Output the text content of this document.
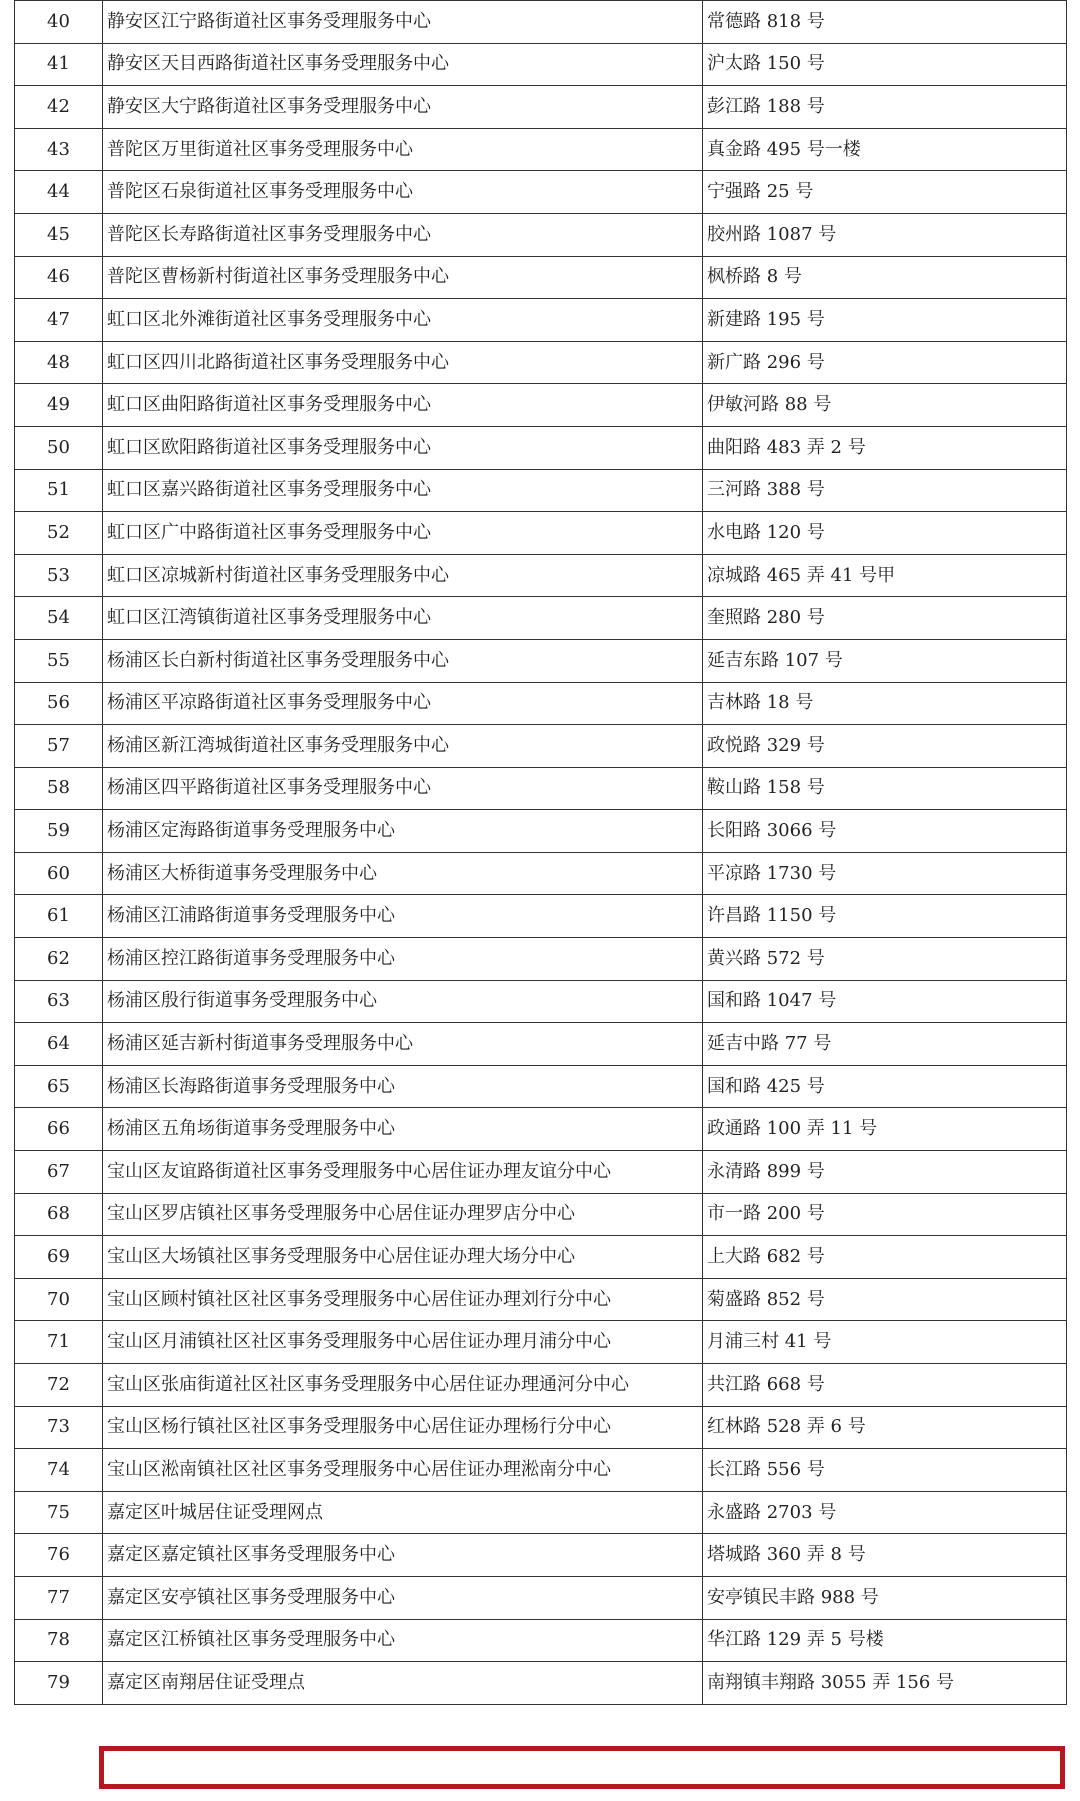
40	静安区江宁路街道社区事务受理服务中心	常德路 818 号
41	静安区天目西路街道社区事务受理服务中心	沪太路 150 号
42	静安区大宁路街道社区事务受理服务中心	彭江路 188 号
43	普陀区万里街道社区事务受理服务中心	真金路 495 号一楼
44	普陀区石泉街道社区事务受理服务中心	宁强路 25 号
45	普陀区长寿路街道社区事务受理服务中心	胶州路 1087 号
46	普陀区曹杨新村街道社区事务受理服务中心	枫桥路 8 号
47	虹口区北外滩街道社区事务受理服务中心	新建路 195 号
48	虹口区四川北路街道社区事务受理服务中心	新广路 296 号
49	虹口区曲阳路街道社区事务受理服务中心	伊敏河路 88 号
50	虹口区欧阳路街道社区事务受理服务中心	曲阳路 483 弄 2 号
51	虹口区嘉兴路街道社区事务受理服务中心	三河路 388 号
52	虹口区广中路街道社区事务受理服务中心	水电路 120 号
53	虹口区凉城新村街道社区事务受理服务中心	凉城路 465 弄 41 号甲
54	虹口区江湾镇街道社区事务受理服务中心	奎照路 280 号
55	杨浦区长白新村街道社区事务受理服务中心	延吉东路 107 号
56	杨浦区平凉路街道社区事务受理服务中心	吉林路 18 号
57	杨浦区新江湾城街道社区事务受理服务中心	政悦路 329 号
58	杨浦区四平路街道社区事务受理服务中心	鞍山路 158 号
59	杨浦区定海路街道事务受理服务中心	长阳路 3066 号
60	杨浦区大桥街道事务受理服务中心	平凉路 1730 号
61	杨浦区江浦路街道事务受理服务中心	许昌路 1150 号
62	杨浦区控江路街道事务受理服务中心	黄兴路 572 号
63	杨浦区殷行街道事务受理服务中心	国和路 1047 号
64	杨浦区延吉新村街道事务受理服务中心	延吉中路 77 号
65	杨浦区长海路街道事务受理服务中心	国和路 425 号
66	杨浦区五角场街道事务受理服务中心	政通路 100 弄 11 号
67	宝山区友谊路街道社区事务受理服务中心居住证办理友谊分中心	永清路 899 号
68	宝山区罗店镇社区事务受理服务中心居住证办理罗店分中心	市一路 200 号
69	宝山区大场镇社区事务受理服务中心居住证办理大场分中心	上大路 682 号
70	宝山区顾村镇社区社区事务受理服务中心居住证办理刘行分中心	菊盛路 852 号
71	宝山区月浦镇社区社区事务受理服务中心居住证办理月浦分中心	月浦三村 41 号
72	宝山区张庙街道社区社区事务受理服务中心居住证办理通河分中心	共江路 668 号
73	宝山区杨行镇社区社区事务受理服务中心居住证办理杨行分中心	红林路 528 弄 6 号
74	宝山区淞南镇社区社区事务受理服务中心居住证办理淞南分中心	长江路 556 号
75	嘉定区叶城居住证受理网点	永盛路 2703 号
76	嘉定区嘉定镇社区事务受理服务中心	塔城路 360 弄 8 号
77	嘉定区安亭镇社区事务受理服务中心	安亭镇民丰路 988 号
78	嘉定区江桥镇社区事务受理服务中心	华江路 129 弄 5 号楼
79	嘉定区南翔居住证受理点	南翔镇丰翔路 3055 弄 156 号
